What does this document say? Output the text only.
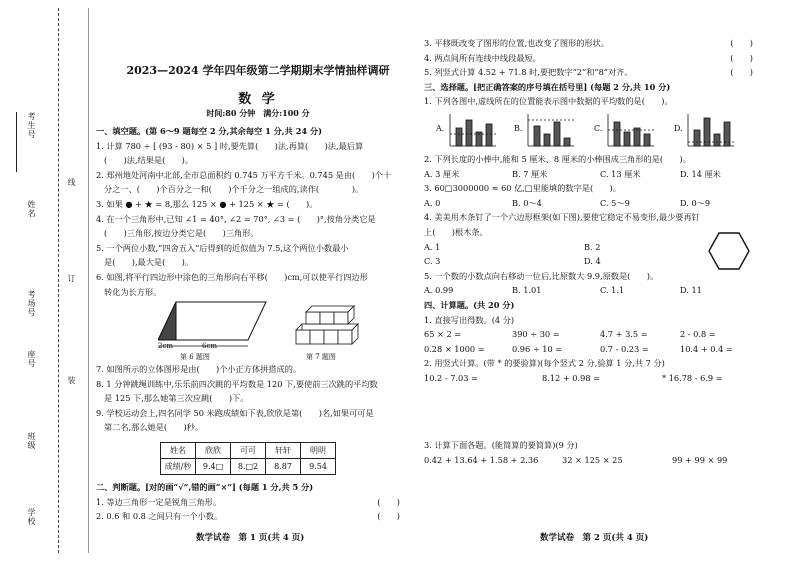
考生号
姓名
考场号
座号
班级
学校
线
订
装
2023—2024 学年四年级第二学期期末学情抽样调研
数 学
时间:80 分钟　满分:100 分
一、填空题。(第 6～9 题每空 2 分,其余每空 1 分,共 24 分)
1. 计算 780 ÷ [ (93 - 80) × 5 ] 时,要先算(　　)法,再算(　　)法,最后算
(　　)法,结果是(　　)。
2. 郑州地处河南中北部,全市总面积约 0.745 万平方千米。0.745 是由(　　)个十
分之一、(　　)个百分之一和(　　)个千分之一组成的,读作(　　　　)。
3. 如果 ● + ★ = 8,那么 125 × ● + 125 × ★ = (　　)。
4. 在一个三角形中,已知 ∠1 = 40°, ∠2 = 70°, ∠3 = (　　)°,按角分类它是
(　　)三角形,按边分类它是(　　)三角形。
5. 一个两位小数,“四舍五入”后得到的近似值为 7.5,这个两位小数最小
是(　　),最大是(　　)。
6. 如图,将平行四边形中涂色的三角形向右平移(　　)cm,可以使平行四边形
转化为长方形。
2cm	6cm
第 6 题图	第 7 题图
7. 如图所示的立体图形是由(　　)个小正方体拼搭成的。
8. 1 分钟跳绳训练中,乐乐前四次跳的平均数是 120 下,要使前三次跳的平均数
是 125 下,那么她第三次应跳(　　)下。
9. 学校运动会上,四名同学 50 米跑成绩如下表,欣欣是第(　　)名,如果可可是
第二名,那么她是(　　)秒。
姓名	欣欣	可可	轩轩	明明
成绩/秒	9.4□	8.□2	8.87	9.54
二、判断题。[对的画“√”,错的画“×”] (每题 1 分,共 5 分)
1. 等边三角形一定是锐角三角形。	(　　)
2. 0.6 和 0.8 之间只有一个小数。	(　　)
数学试卷　第 1 页(共 4 页)	数学试卷　第 2 页(共 4 页)
3. 平移既改变了图形的位置,也改变了图形的形状。	(　　)
4. 两点间所有连线中线段最短。	(　　)
5. 列竖式计算 4.52 + 71.8 时,要把数字“2”和“8”对齐。	(　　)
三、选择题。[把正确答案的序号填在括号里] (每题 2 分,共 10 分)
1. 下列各图中,虚线所在的位置能表示图中数据的平均数的是(　　)。
A.	B.	C.	D.
2. 下列长度的小棒中,能和 5 厘米、8 厘米的小棒围成三角形的是(　　)。
A. 3 厘米	B. 7 厘米	C. 13 厘米	D. 14 厘米
3. 60□3000000 ≈ 60 亿,□里能填的数字是(　　)。
A. 0	B. 0～4	C. 5～9	D. 0～9
4. 美美用木条钉了一个六边形框架(如下图),要使它稳定不易变形,最少要再钉
上(　　)根木条。
A. 1	B. 2
C. 3	D. 4
5. 一个数的小数点向右移动一位后,比原数大 9.9,原数是(　　)。
A. 0.99	B. 1.01	C. 1.1	D. 11
四、计算题。(共 20 分)
1. 直接写出得数。(4 分)
65 × 2 =	390 ÷ 30 =	4.7 + 3.5 =	2 - 0.8 =
0.28 × 1000 =	0.96 ÷ 10 =	0.7 - 0.23 =	10.4 + 0.4 =
2. 用竖式计算。(带 * 的要验算)(每个竖式 2 分,验算 1 分,共 7 分)
10.2 - 7.03 =	8.12 + 0.98 =	* 16.78 - 6.9 =
3. 计算下面各题。(能简算的要简算)(9 分)
0.42 + 13.64 + 1.58 + 2.36	32 × 125 × 25	99 + 99 × 99
